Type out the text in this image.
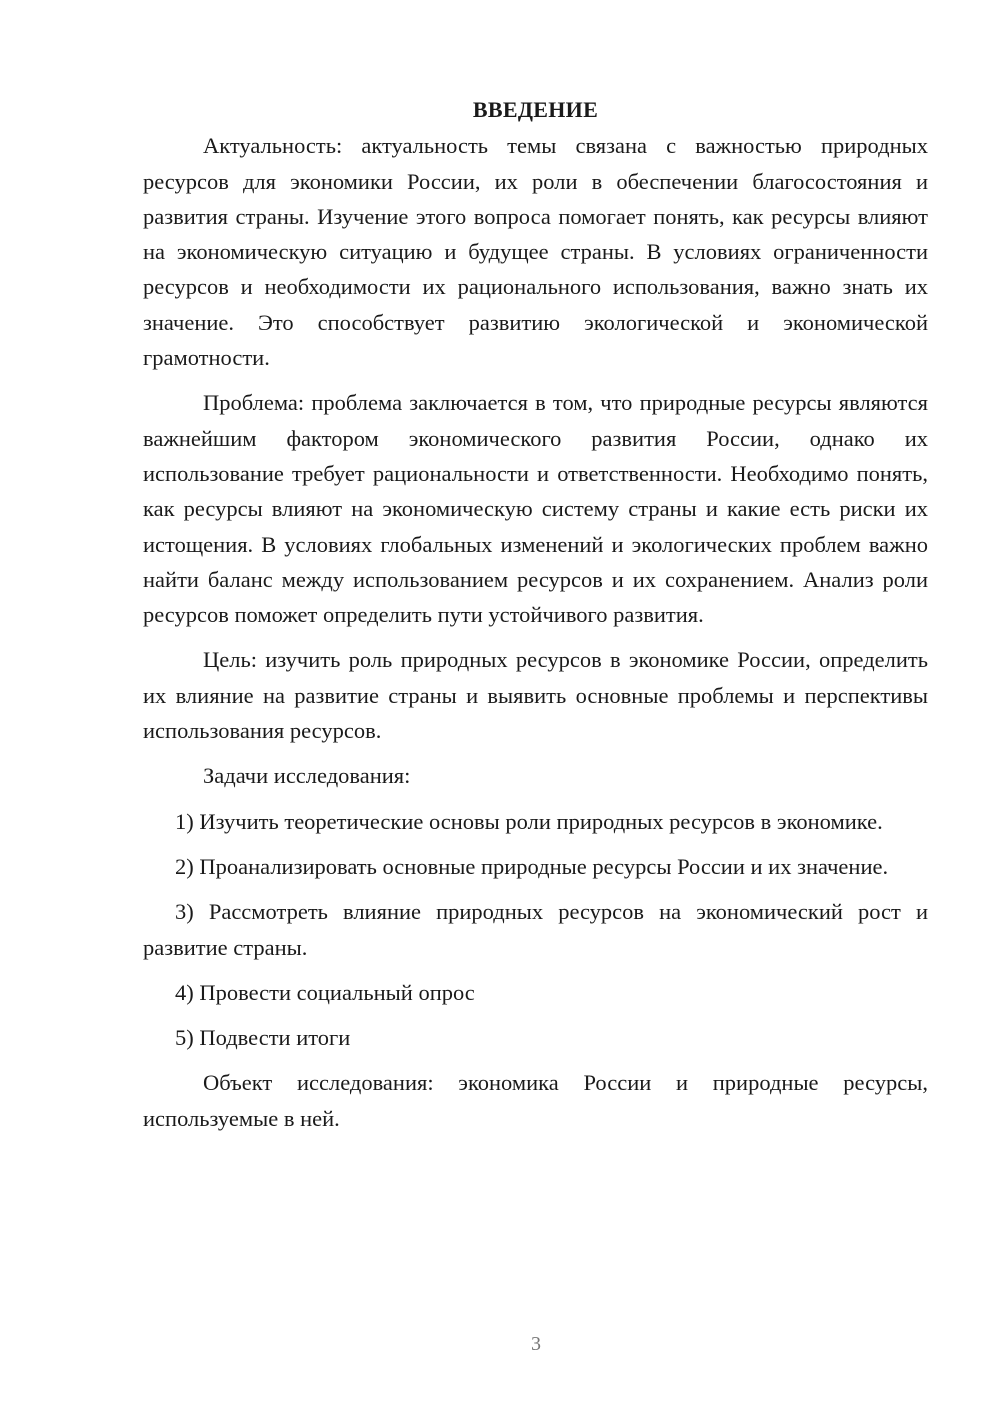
ВВЕДЕНИЕ

Актуальность: актуальность темы связана с важностью природных ресурсов для экономики России, их роли в обеспечении благосостояния и развития страны. Изучение этого вопроса помогает понять, как ресурсы влияют на экономическую ситуацию и будущее страны. В условиях ограниченности ресурсов и необходимости их рационального использования, важно знать их значение. Это способствует развитию экологической и экономической грамотности.

Проблема: проблема заключается в том, что природные ресурсы являются важнейшим фактором экономического развития России, однако их использование требует рациональности и ответственности. Необходимо понять, как ресурсы влияют на экономическую систему страны и какие есть риски их истощения. В условиях глобальных изменений и экологических проблем важно найти баланс между использованием ресурсов и их сохранением. Анализ роли ресурсов поможет определить пути устойчивого развития.

Цель: изучить роль природных ресурсов в экономике России, определить их влияние на развитие страны и выявить основные проблемы и перспективы использования ресурсов.

Задачи исследования:

1) Изучить теоретические основы роли природных ресурсов в экономике.

2) Проанализировать основные природные ресурсы России и их значение.

3) Рассмотреть влияние природных ресурсов на экономический рост и развитие страны.

4) Провести социальный опрос

5) Подвести итоги

Объект исследования: экономика России и природные ресурсы, используемые в ней.

3
